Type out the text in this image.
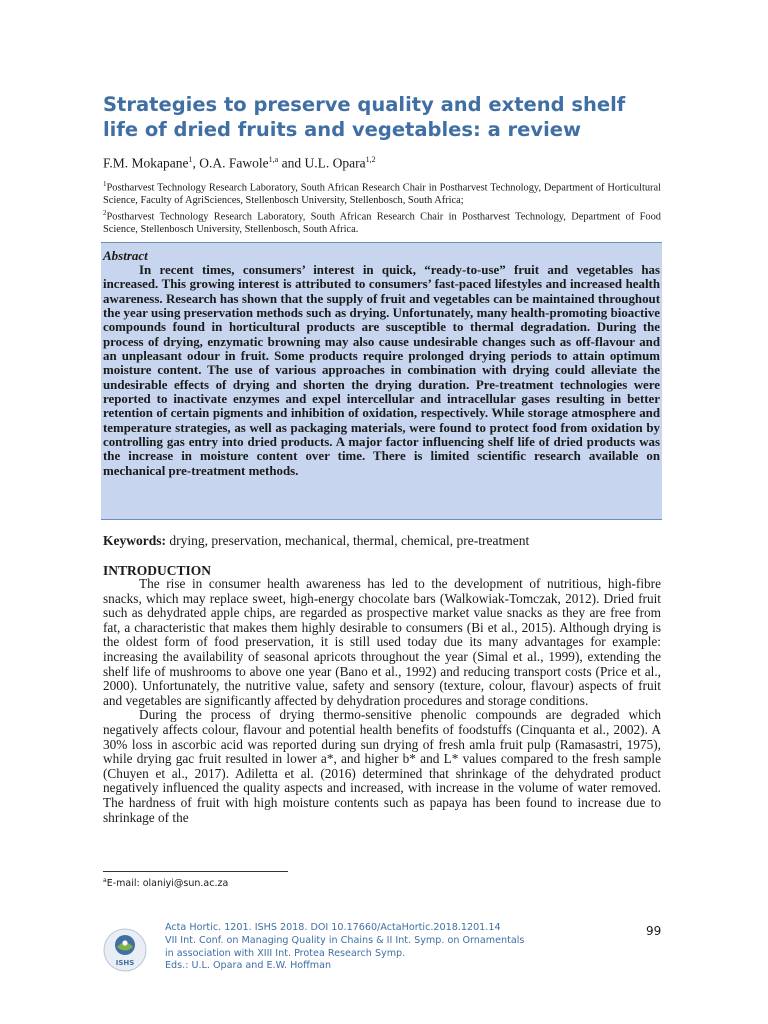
Strategies to preserve quality and extend shelf life of dried fruits and vegetables: a review
F.M. Mokapane$^1$, O.A. Fawole$^{1,a}$ and U.L. Opara$^{1,2}$

$^1$Postharvest Technology Research Laboratory, South African Research Chair in Postharvest Technology, Department of Horticultural Science, Faculty of AgriSciences, Stellenbosch University, Stellenbosch, South Africa;

$^2$Postharvest Technology Research Laboratory, South African Research Chair in Postharvest Technology, Department of Food Science, Stellenbosch University, Stellenbosch, South Africa.

Abstract
In recent times, consumers’ interest in quick, “ready-to-use” fruit and vegetables has increased. This growing interest is attributed to consumers’ fast-paced lifestyles and increased health awareness. Research has shown that the supply of fruit and vegetables can be maintained throughout the year using preservation methods such as drying. Unfortunately, many health-promoting bioactive compounds found in horticultural products are susceptible to thermal degradation. During the process of drying, enzymatic browning may also cause undesirable changes such as off-flavour and an unpleasant odour in fruit. Some products require prolonged drying periods to attain optimum moisture content. The use of various approaches in combination with drying could alleviate the undesirable effects of drying and shorten the drying duration. Pre-treatment technologies were reported to inactivate enzymes and expel intercellular and intracellular gases resulting in better retention of certain pigments and inhibition of oxidation, respectively. While storage atmosphere and temperature strategies, as well as packaging materials, were found to protect food from oxidation by controlling gas entry into dried products. A major factor influencing shelf life of dried products was the increase in moisture content over time. There is limited scientific research available on mechanical pre-treatment methods.
Keywords: drying, preservation, mechanical, thermal, chemical, pre-treatment
INTRODUCTION

The rise in consumer health awareness has led to the development of nutritious, high-fibre snacks, which may replace sweet, high-energy chocolate bars (Walkowiak-Tomczak, 2012). Dried fruit such as dehydrated apple chips, are regarded as prospective market value snacks as they are free from fat, a characteristic that makes them highly desirable to consumers (Bi et al., 2015). Although drying is the oldest form of food preservation, it is still used today due its many advantages for example: increasing the availability of seasonal apricots throughout the year (Simal et al., 1999), extending the shelf life of mushrooms to above one year (Bano et al., 1992) and reducing transport costs (Price et al., 2000). Unfortunately, the nutritive value, safety and sensory (texture, colour, flavour) aspects of fruit and vegetables are significantly affected by dehydration procedures and storage conditions.

During the process of drying thermo-sensitive phenolic compounds are degraded which negatively affects colour, flavour and potential health benefits of foodstuffs (Cinquanta et al., 2002). A 30% loss in ascorbic acid was reported during sun drying of fresh amla fruit pulp (Ramasastri, 1975), while drying gac fruit resulted in lower a*, and higher b* and L* values compared to the fresh sample (Chuyen et al., 2017). Adiletta et al. (2016) determined that shrinkage of the dehydrated product negatively influenced the quality aspects and increased, with increase in the volume of water removed. The hardness of fruit with high moisture contents such as papaya has been found to increase due to shrinkage of the

$^a$E-mail: olaniyi@sun.ac.za
ISHS
Acta Hortic. 1201. ISHS 2018. DOI 10.17660/ActaHortic.2018.1201.14
VII Int. Conf. on Managing Quality in Chains & II Int. Symp. on Ornamentals
in association with XIII Int. Protea Research Symp.
Eds.: U.L. Opara and E.W. Hoffman
99
